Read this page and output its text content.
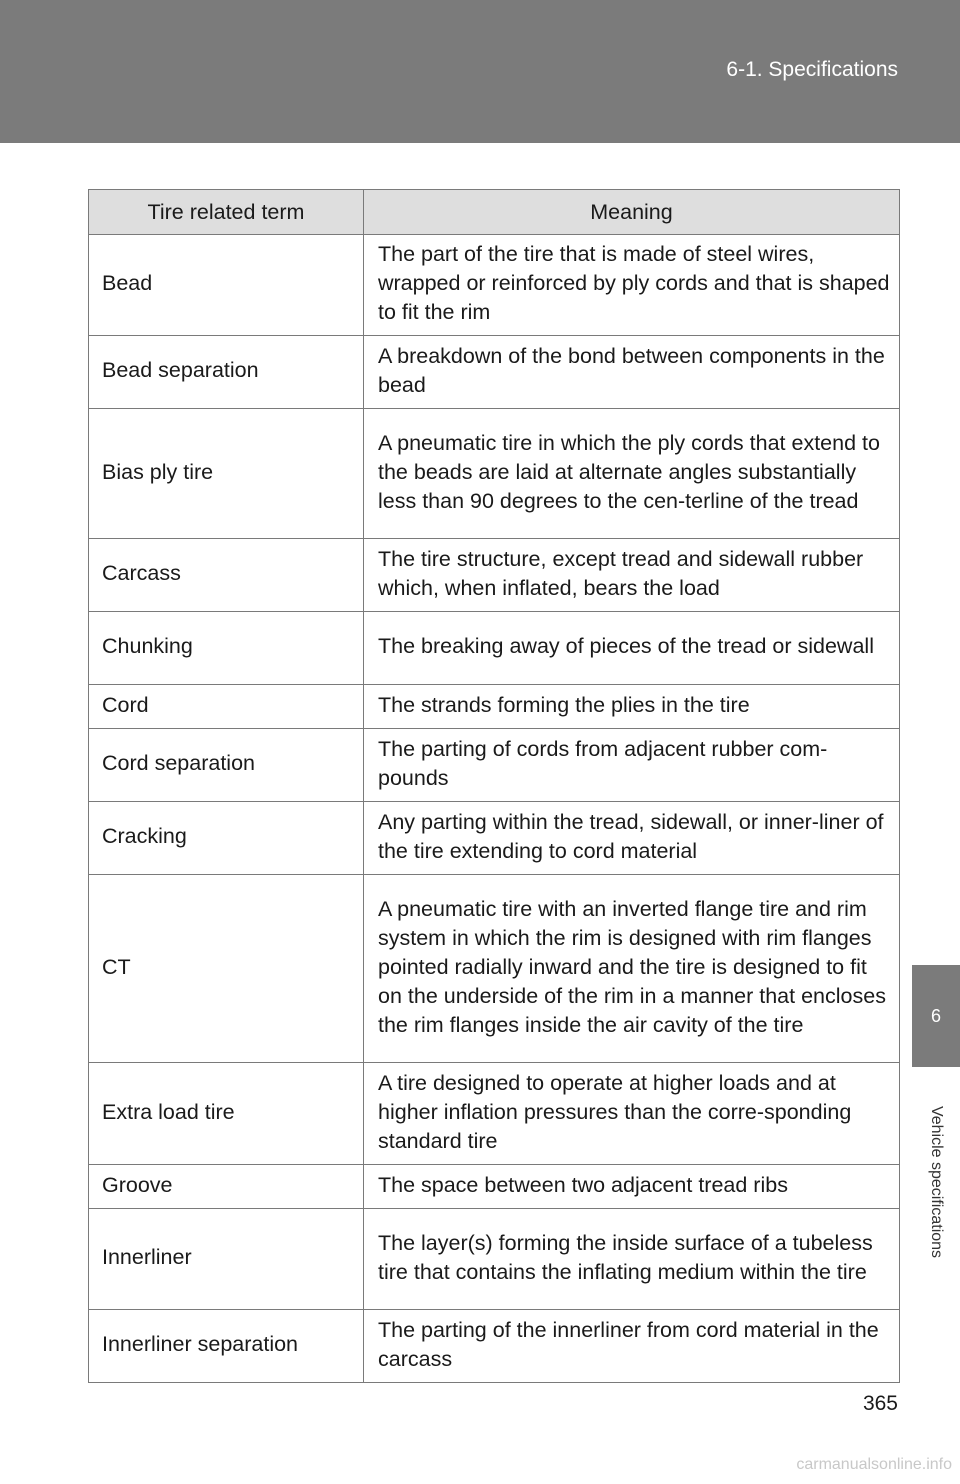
6-1. Specifications
6
Vehicle specifications
Tire related term	Meaning
Bead	The part of the tire that is made of steel wires, wrapped or reinforced by ply cords and that is shaped to fit the rim
Bead separation	A breakdown of the bond between components in the bead
Bias ply tire	A pneumatic tire in which the ply cords that extend to the beads are laid at alternate angles substantially less than 90 degrees to the cen-terline of the tread
Carcass	The tire structure, except tread and sidewall rubber which, when inflated, bears the load
Chunking	The breaking away of pieces of the tread or sidewall
Cord	The strands forming the plies in the tire
Cord separation	The parting of cords from adjacent rubber com-pounds
Cracking	Any parting within the tread, sidewall, or inner-liner of the tire extending to cord material
CT	A pneumatic tire with an inverted flange tire and rim system in which the rim is designed with rim flanges pointed radially inward and the tire is designed to fit on the underside of the rim in a manner that encloses the rim flanges inside the air cavity of the tire
Extra load tire	A tire designed to operate at higher loads and at higher inflation pressures than the corre-sponding standard tire
Groove	The space between two adjacent tread ribs
Innerliner	The layer(s) forming the inside surface of a tubeless tire that contains the inflating medium within the tire
Innerliner separation	The parting of the innerliner from cord material in the carcass
365
carmanualsonline.info
